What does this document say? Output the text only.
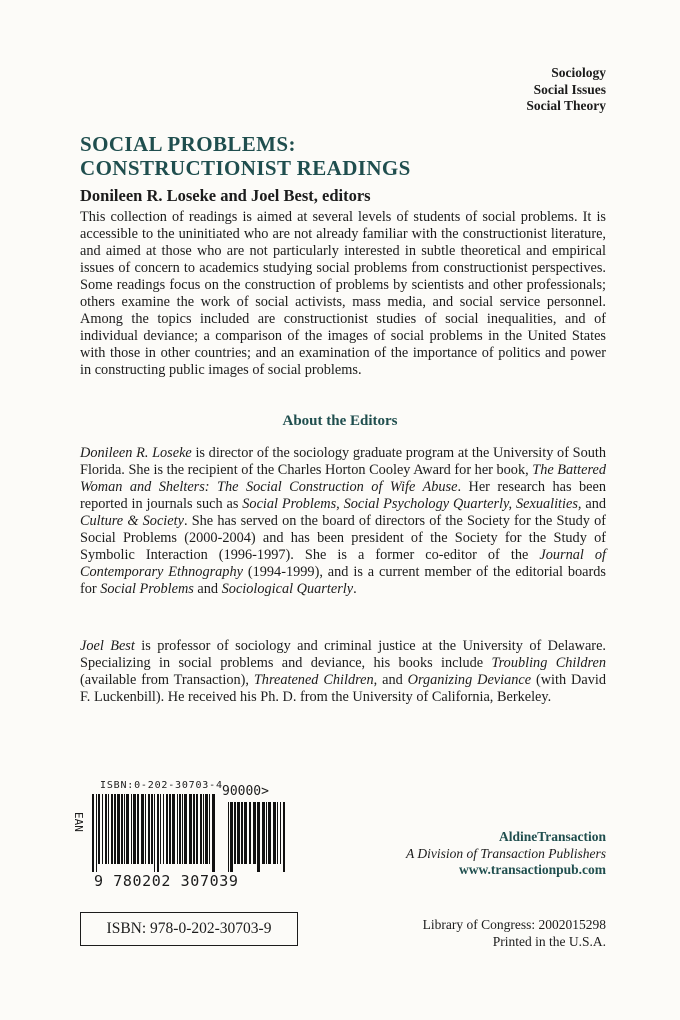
Sociology
Social Issues
Social Theory
SOCIAL PROBLEMS:
CONSTRUCTIONIST READINGS
Donileen R. Loseke and Joel Best, editors
This collection of readings is aimed at several levels of students of social problems. It is accessible to the uninitiated who are not already familiar with the constructionist literature, and aimed at those who are not particularly interested in subtle theoretical and empirical issues of concern to academics studying social problems from constructionist perspectives. Some readings focus on the construction of problems by scientists and other professionals; others examine the work of social activists, mass media, and social service personnel. Among the topics included are constructionist studies of social inequalities, and of individual deviance; a comparison of the images of social problems in the United States with those in other countries; and an examination of the importance of politics and power in constructing public images of social problems.
About the Editors
Donileen R. Loseke is director of the sociology graduate program at the University of South Florida. She is the recipient of the Charles Horton Cooley Award for her book, The Battered Woman and Shelters: The Social Construction of Wife Abuse. Her research has been reported in journals such as Social Problems, Social Psychology Quarterly, Sexualities, and Culture & Society. She has served on the board of directors of the Society for the Study of Social Problems (2000-2004) and has been president of the Society for the Study of Symbolic Interaction (1996-1997). She is a former co-editor of the Journal of Contemporary Ethnography (1994-1999), and is a current member of the editorial boards for Social Problems and Sociological Quarterly.
Joel Best is professor of sociology and criminal justice at the University of Delaware. Specializing in social problems and deviance, his books include Troubling Children (available from Transaction), Threatened Children, and Organizing Deviance (with David F. Luckenbill). He received his Ph. D. from the University of California, Berkeley.
ISBN:0-202-30703-4
EAN
90000>
9 780202 307039
ISBN: 978-0-202-30703-9
AldineTransaction
A Division of Transaction Publishers
www.transactionpub.com
Library of Congress: 2002015298
Printed in the U.S.A.
